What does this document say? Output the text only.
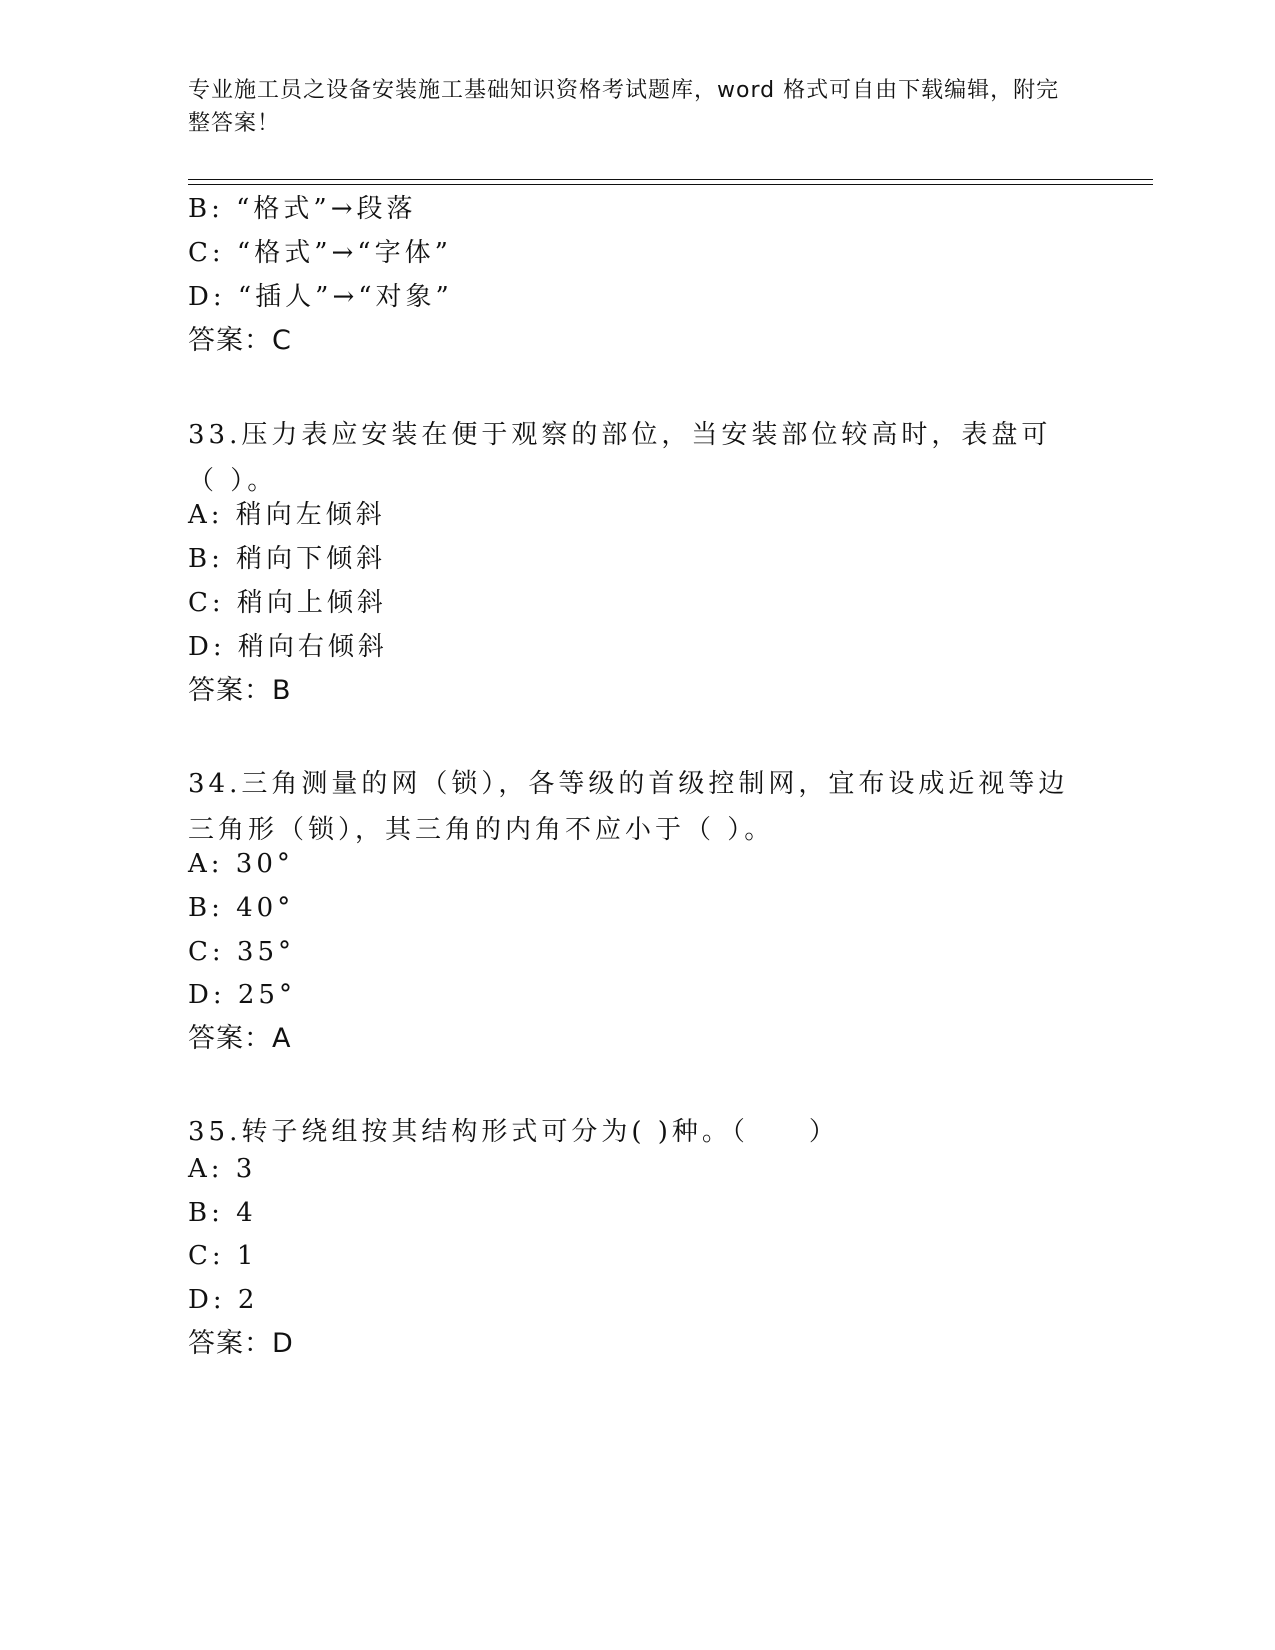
专业施工员之设备安装施工基础知识资格考试题库，word 格式可自由下载编辑，附完整答案！
B: “格式”→段落
C: “格式”→“字体”
D: “插人”→“对象”
答案：C
33.压力表应安装在便于观察的部位，当安装部位较高时，表盘可（ ）。
A: 稍向左倾斜
B: 稍向下倾斜
C: 稍向上倾斜
D: 稍向右倾斜
答案：B
34.三角测量的网（锁），各等级的首级控制网，宜布设成近视等边三角形（锁），其三角的内角不应小于（ ）。
A: 30°
B: 40°
C: 35°
D: 25°
答案：A
35.转子绕组按其结构形式可分为( )种。（　　）
A: 3
B: 4
C: 1
D: 2
答案：D
